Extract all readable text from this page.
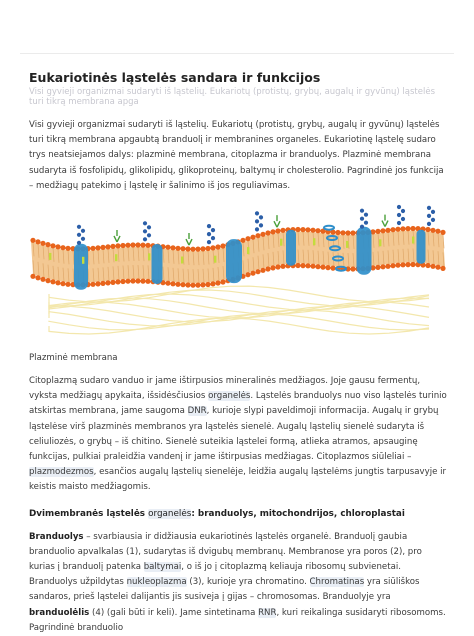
Eukariotinės ląstelės sandara ir funkcijos
Visi gyvieji organizmai sudaryti iš ląstelių. Eukariotų (protistų, grybų, augalų ir gyvūnų) ląstelės turi tikrą membrana apga

Visi gyvieji organizmai sudaryti iš ląstelių. Eukariotų (protistų, grybų, augalų ir gyvūnų) ląstelės turi tikrą membrana apgaubtą branduolį ir membranines organeles. Eukariotinę ląstelę sudaro trys neatsiejamos dalys: plazminė membrana, citoplazma ir branduolys. Plazminė membrana sudaryta iš fosfolipidų, glikolipidų, glikoproteinų, baltymų ir cholesterolio. Pagrindinė jos funkcija – medžiagų patekimo į ląstelę ir šalinimo iš jos reguliavimas.

Plazminė membrana

Citoplazmą sudaro vanduo ir jame ištirpusios mineralinės medžiagos. Joje gausu fermentų, vyksta medžiagų apykaita, išsidėsčiusios organelės. Ląstelės branduolys nuo viso ląstelės turinio atskirtas membrana, jame saugoma DNR, kurioje slypi paveldimoji informacija. Augalų ir grybų ląstelėse virš plazminės membranos yra ląstelės sienelė. Augalų ląstelių sienelė sudaryta iš celiuliozės, o grybų – iš chitino. Sienelė suteikia ląstelei formą, atlieka atramos, apsauginę funkcijas, pulkiai praleidžia vandenį ir jame ištirpusias medžiagas. Citoplazmos siūleliai – plazmodezmos, esančios augalų ląstelių sienelėje, leidžia augalų ląstelėms jungtis tarpusavyje ir keistis maisto medžiagomis.

Dvimembranės ląstelės organelės: branduolys, mitochondrijos, chloroplastai

Branduolys – svarbiausia ir didžiausia eukariotinės ląstelės organelė. Branduolį gaubia branduolio apvalkalas (1), sudarytas iš dvigubų membranų. Membranose yra poros (2), pro kurias į branduolį patenka baltymai, o iš jo į citoplazmą keliauja ribosomų subvienetai. Branduolys užpildytas nukleoplazma (3), kurioje yra chromatino. Chromatinas yra siūliškos sandaros, prieš ląstelei dalijantis jis susiveja į gijas – chromosomas. Branduolyje yra branduolėlis (4) (gali būti ir keli). Jame sintetinama RNR, kuri reikalinga susidaryti ribosomoms. Pagrindinė branduolio
